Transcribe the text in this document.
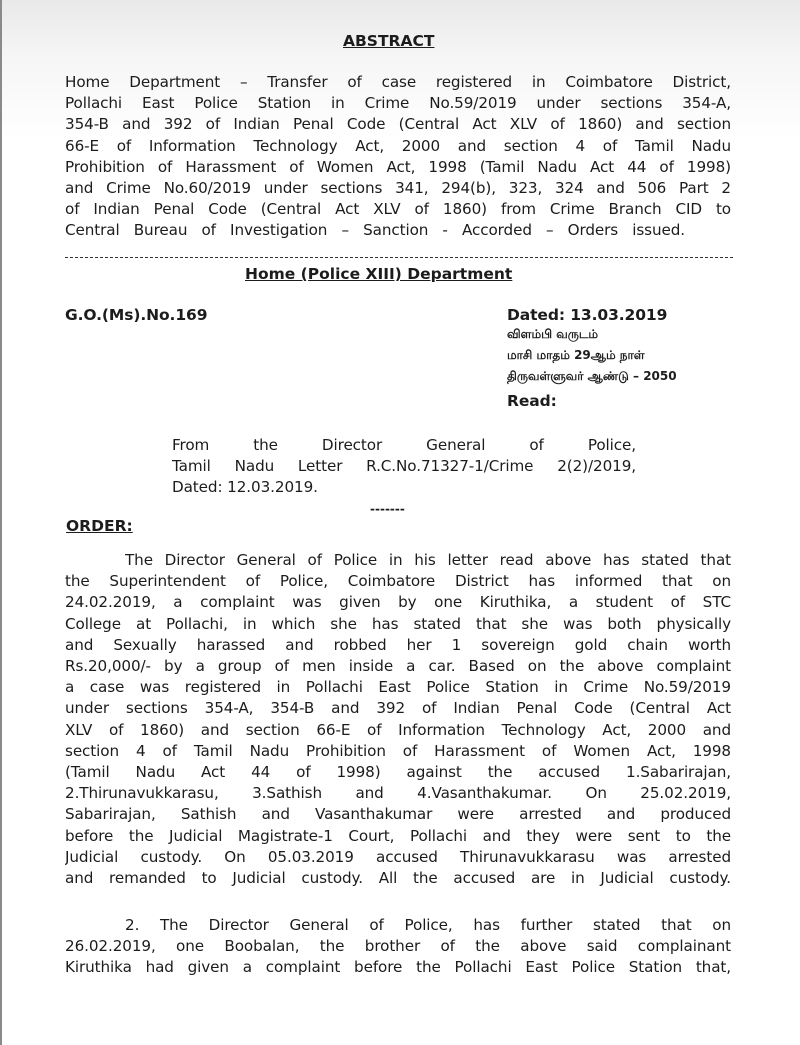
ABSTRACT
Home Department – Transfer of case registered in Coimbatore District,
Pollachi East Police Station in Crime No.59/2019 under sections 354-A,
354-B and 392 of Indian Penal Code (Central Act XLV of 1860) and section
66-E of Information Technology Act, 2000 and section 4 of Tamil Nadu
Prohibition of Harassment of Women Act, 1998 (Tamil Nadu Act 44 of 1998)
and Crime No.60/2019 under sections 341, 294(b), 323, 324 and 506 Part 2
of Indian Penal Code (Central Act XLV of 1860) from Crime Branch CID to
Central Bureau of Investigation – Sanction - Accorded – Orders issued.
Home (Police XIII) Department
G.O.(Ms).No.169	Dated: 13.03.2019
விளம்பி வருடம்
மாசி மாதம் 29ஆம் நாள்
திருவள்ளுவர் ஆண்டு – 2050
Read:
From the Director General of Police,
Tamil Nadu Letter R.C.No.71327-1/Crime 2(2)/2019,
Dated: 12.03.2019.
-------
ORDER:
The Director General of Police in his letter read above has stated that
the Superintendent of Police, Coimbatore District has informed that on
24.02.2019, a complaint was given by one Kiruthika, a student of STC
College at Pollachi, in which she has stated that she was both physically
and Sexually harassed and robbed her 1 sovereign gold chain worth
Rs.20,000/- by a group of men inside a car. Based on the above complaint
a case was registered in Pollachi East Police Station in Crime No.59/2019
under sections 354-A, 354-B and 392 of Indian Penal Code (Central Act
XLV of 1860) and section 66-E of Information Technology Act, 2000 and
section 4 of Tamil Nadu Prohibition of Harassment of Women Act, 1998
(Tamil Nadu Act 44 of 1998) against the accused 1.Sabarirajan,
2.Thirunavukkarasu, 3.Sathish and 4.Vasanthakumar. On 25.02.2019,
Sabarirajan, Sathish and Vasanthakumar were arrested and produced
before the Judicial Magistrate-1 Court, Pollachi and they were sent to the
Judicial custody. On 05.03.2019 accused Thirunavukkarasu was arrested
and remanded to Judicial custody. All the accused are in Judicial custody.
2. The Director General of Police, has further stated that on
26.02.2019, one Boobalan, the brother of the above said complainant
Kiruthika had given a complaint before the Pollachi East Police Station that,
